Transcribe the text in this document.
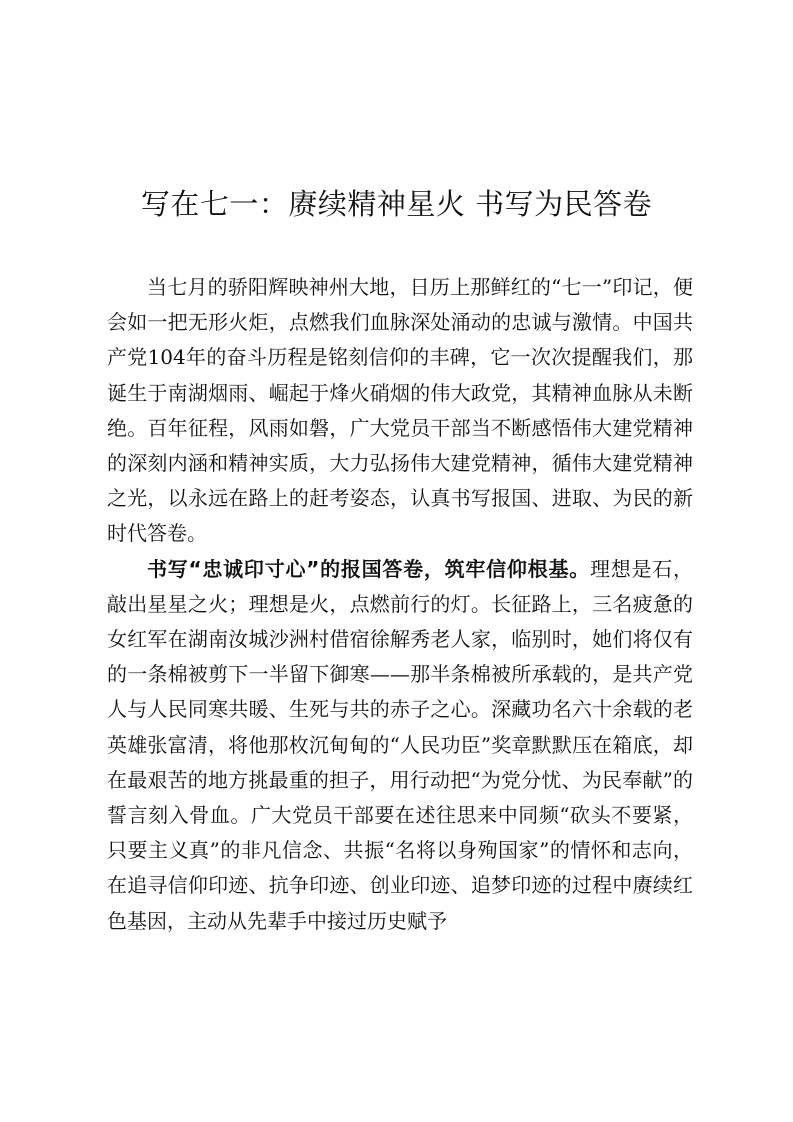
写在七一：赓续精神星火 书写为民答卷

当七月的骄阳辉映神州大地，日历上那鲜红的“七一”印记，便会如一把无形火炬，点燃我们血脉深处涌动的忠诚与激情。中国共产党104年的奋斗历程是铭刻信仰的丰碑，它一次次提醒我们，那诞生于南湖烟雨、崛起于烽火硝烟的伟大政党，其精神血脉从未断绝。百年征程，风雨如磐，广大党员干部当不断感悟伟大建党精神的深刻内涵和精神实质，大力弘扬伟大建党精神，循伟大建党精神之光，以永远在路上的赶考姿态，认真书写报国、进取、为民的新时代答卷。

书写“忠诚印寸心”的报国答卷，筑牢信仰根基。理想是石，敲出星星之火；理想是火，点燃前行的灯。长征路上，三名疲惫的女红军在湖南汝城沙洲村借宿徐解秀老人家，临别时，她们将仅有的一条棉被剪下一半留下御寒——那半条棉被所承载的，是共产党人与人民同寒共暖、生死与共的赤子之心。深藏功名六十余载的老英雄张富清，将他那枚沉甸甸的“人民功臣”奖章默默压在箱底，却在最艰苦的地方挑最重的担子，用行动把“为党分忧、为民奉献”的誓言刻入骨血。广大党员干部要在述往思来中同频“砍头不要紧，只要主义真”的非凡信念、共振“名将以身殉国家”的情怀和志向，在追寻信仰印迹、抗争印迹、创业印迹、追梦印迹的过程中赓续红色基因，主动从先辈手中接过历史赋予
